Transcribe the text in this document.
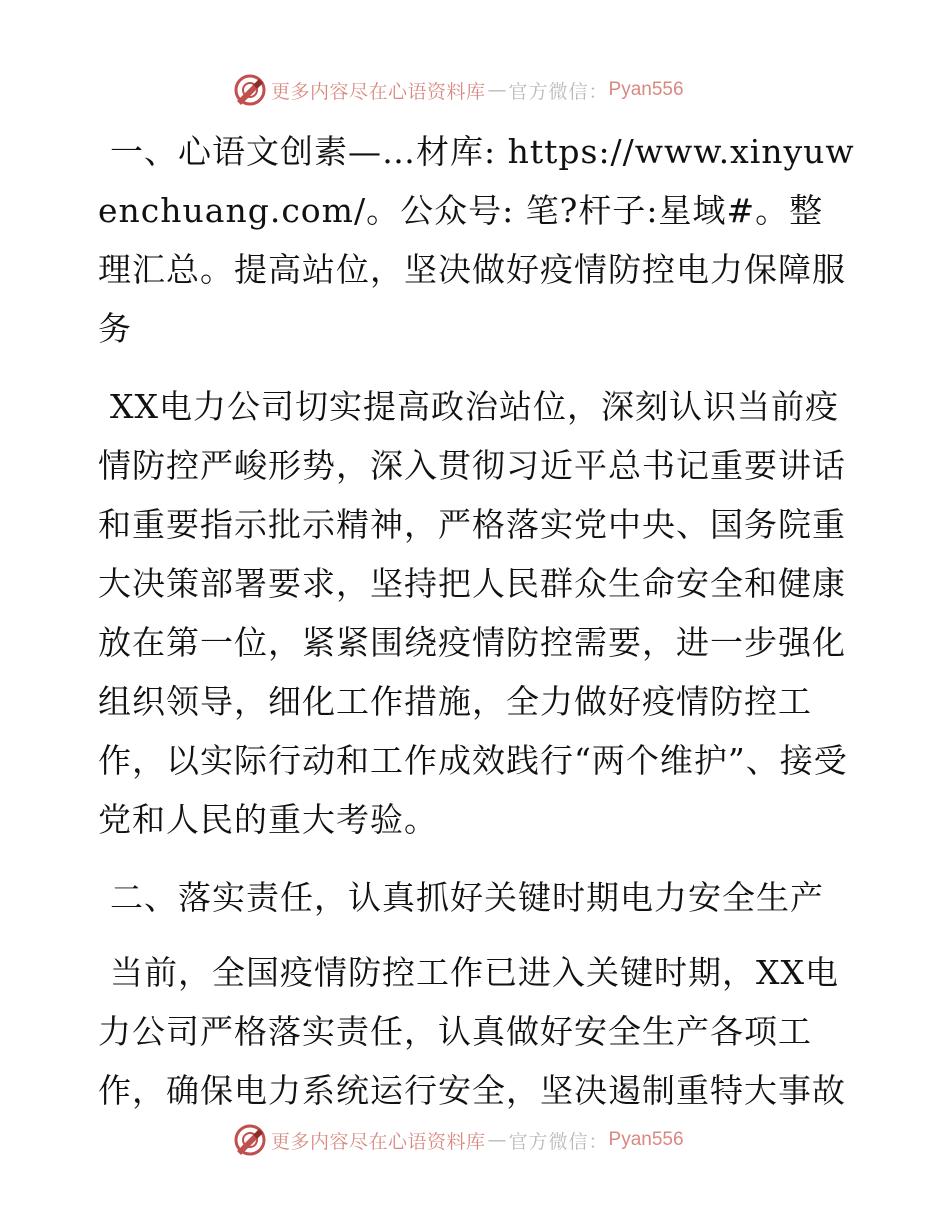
更多内容尽在心语资料库 — 官方微信： Pyan556

一、心语文创素—…材库: https://www.xinyuwenchuang.com/。公众号: 笔?杆子:星域#。整理汇总。提高站位，坚决做好疫情防控电力保障服务

XX电力公司切实提高政治站位，深刻认识当前疫情防控严峻形势，深入贯彻习近平总书记重要讲话和重要指示批示精神，严格落实党中央、国务院重大决策部署要求，坚持把人民群众生命安全和健康放在第一位，紧紧围绕疫情防控需要，进一步强化组织领导，细化工作措施，全力做好疫情防控工作，以实际行动和工作成效践行“两个维护”、接受党和人民的重大考验。

二、落实责任，认真抓好关键时期电力安全生产

当前，全国疫情防控工作已进入关键时期，XX电力公司严格落实责任，认真做好安全生产各项工作，确保电力系统运行安全，坚决遏制重特大事故

更多内容尽在心语资料库 — 官方微信： Pyan556
